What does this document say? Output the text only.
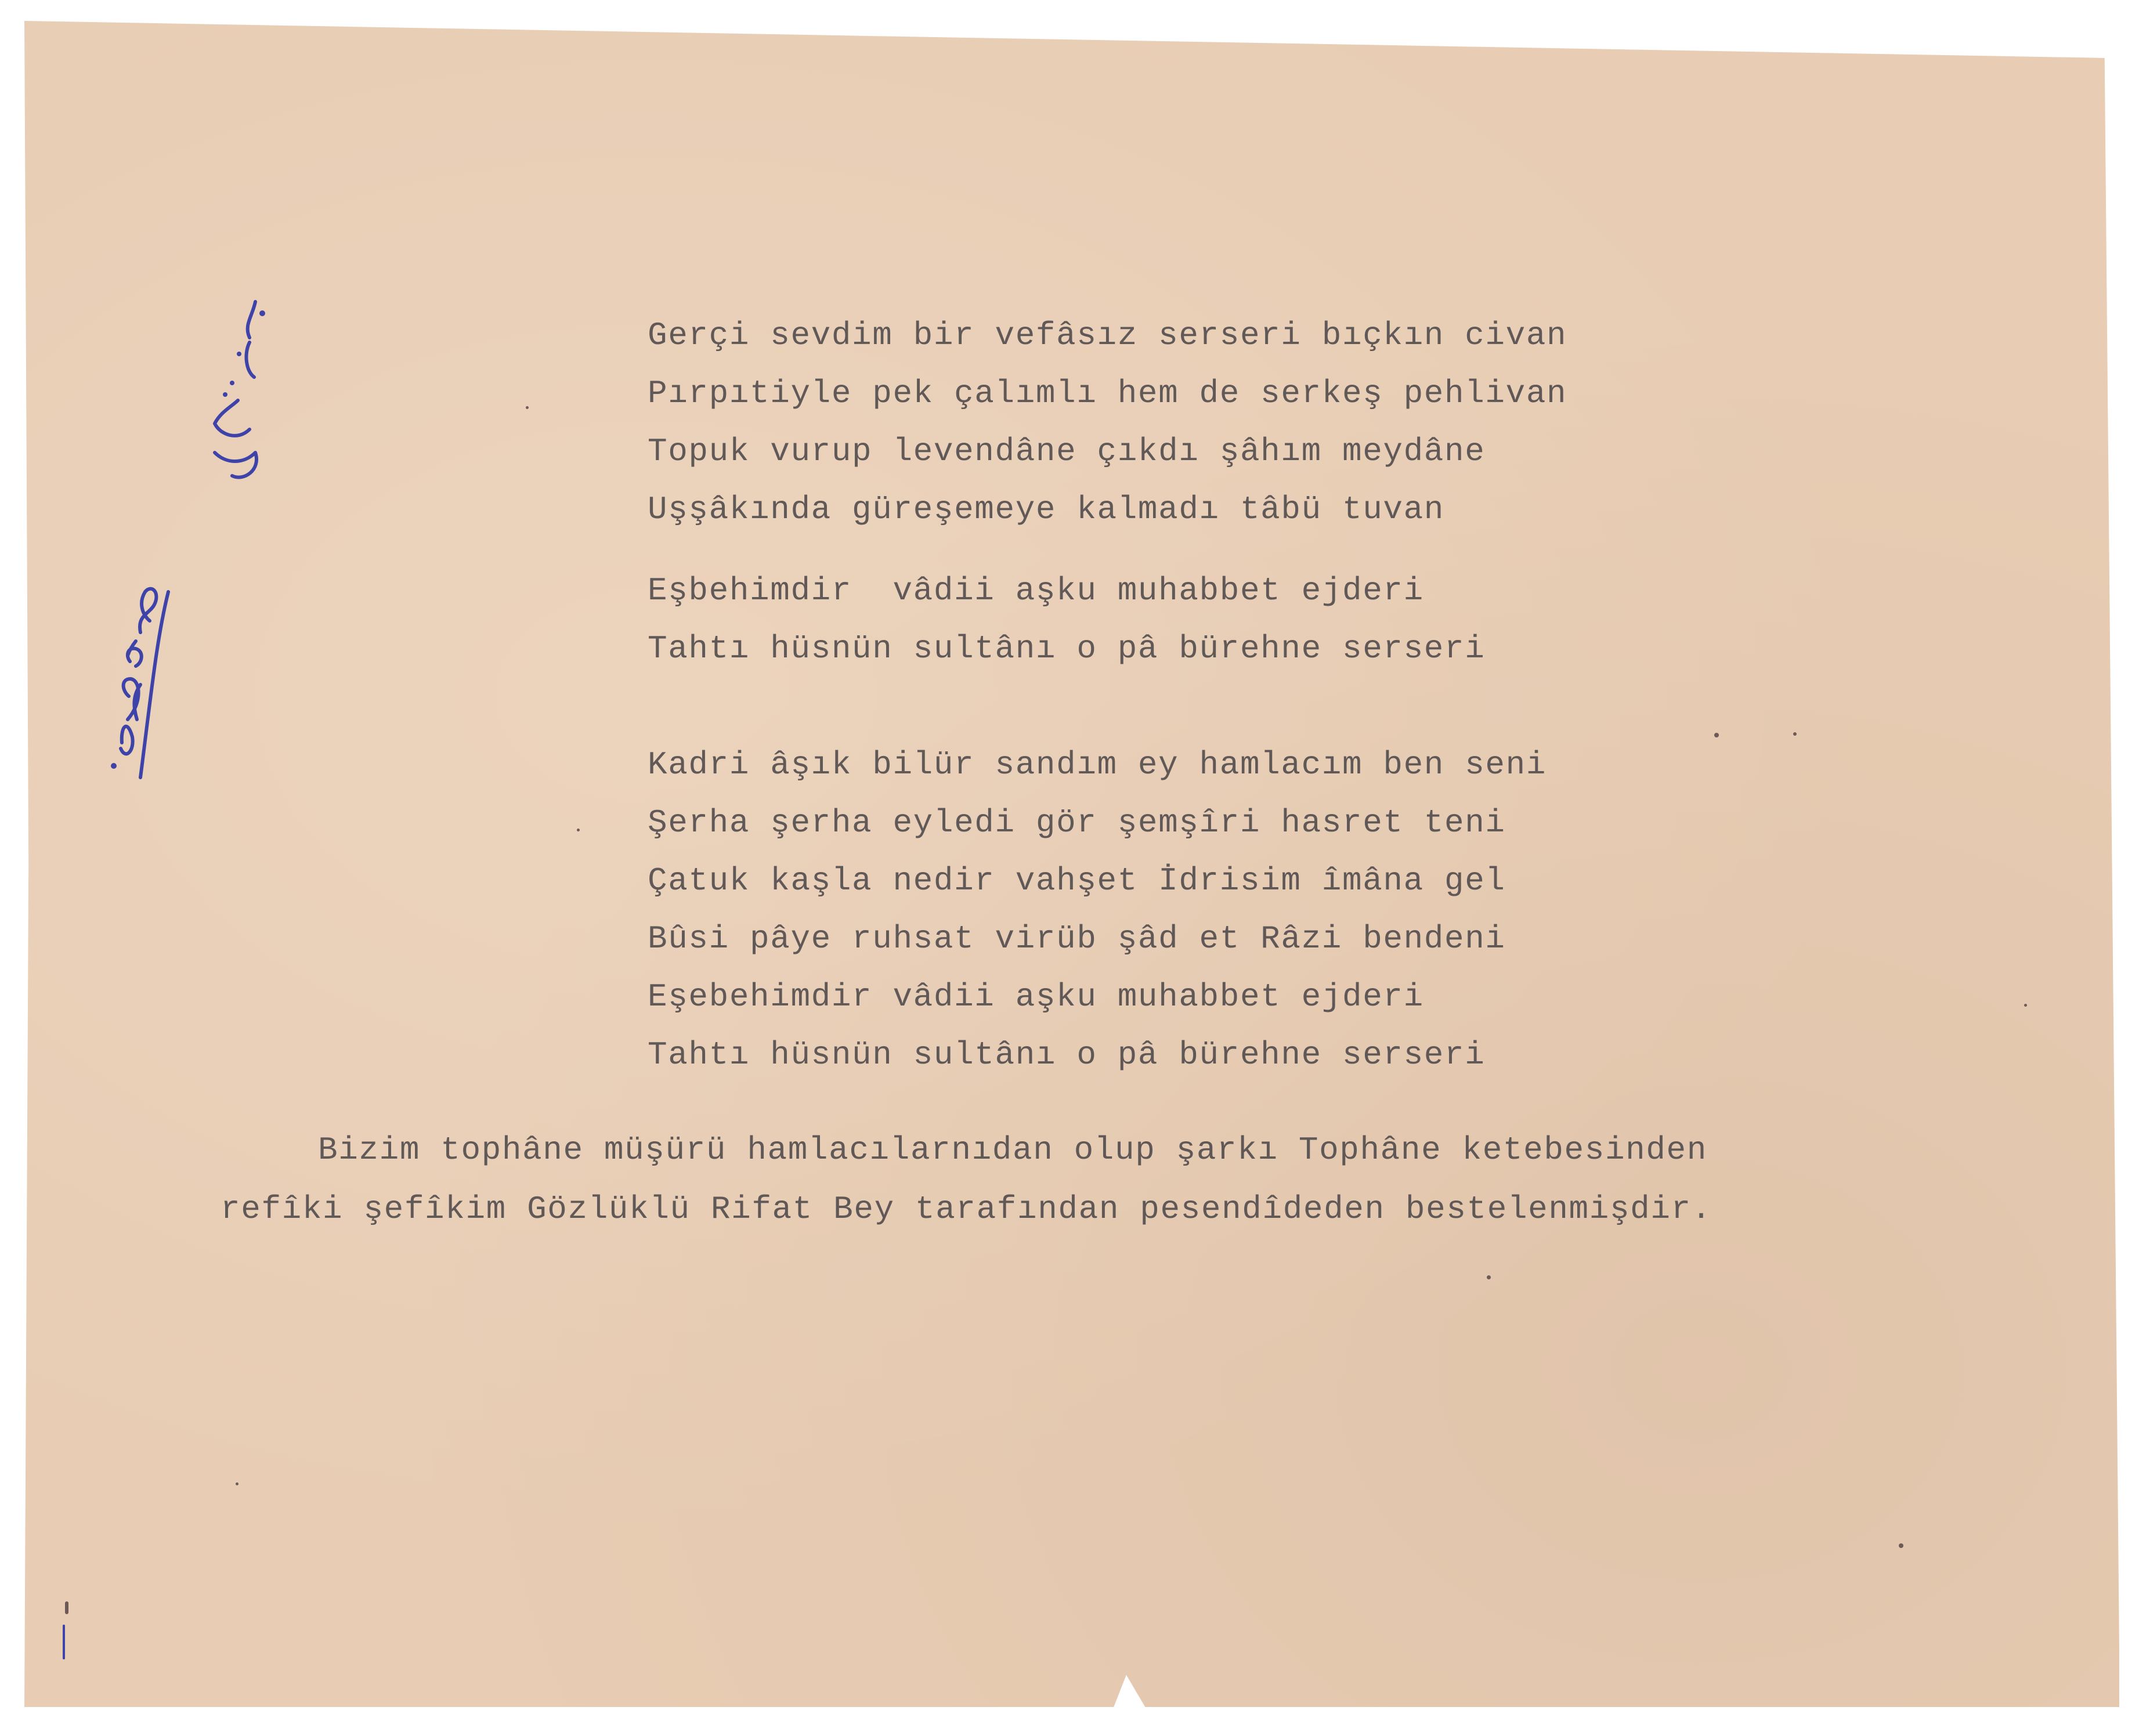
Gerçi sevdim bir vefâsız serseri bıçkın civan
Pırpıtiyle pek çalımlı hem de serkeş pehlivan
Topuk vurup levendâne çıkdı şâhım meydâne
Uşşâkında güreşemeye kalmadı tâbü tuvan
Eşbehimdir  vâdii aşku muhabbet ejderi
Tahtı hüsnün sultânı o pâ bürehne serseri
Kadri âşık bilür sandım ey hamlacım ben seni
Şerha şerha eyledi gör şemşîri hasret teni
Çatuk kaşla nedir vahşet İdrisim îmâna gel
Bûsi pâye ruhsat virüb şâd et Râzi bendeni
Eşebehimdir vâdii aşku muhabbet ejderi
Tahtı hüsnün sultânı o pâ bürehne serseri
Bizim tophâne müşürü hamlacılarnıdan olup şarkı Tophâne ketebesinden
refîki şefîkim Gözlüklü Rifat Bey tarafından pesendîdeden bestelenmişdir.
